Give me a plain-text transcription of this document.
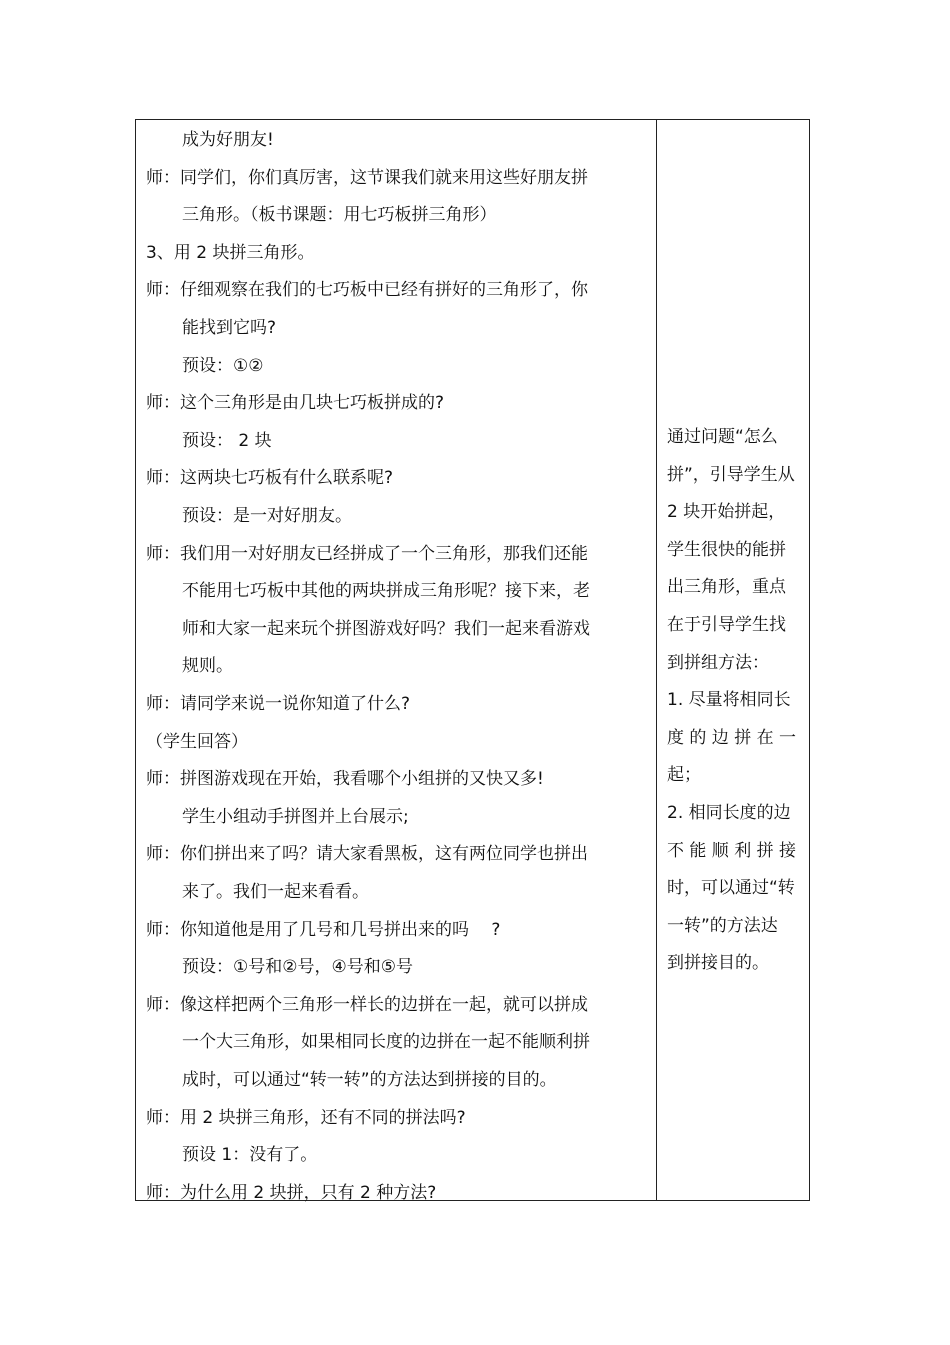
成为好朋友!
师：同学们，你们真厉害，这节课我们就来用这些好朋友拼
三角形。（板书课题：用七巧板拼三角形）
3、用 2 块拼三角形。
师：仔细观察在我们的七巧板中已经有拼好的三角形了，你
能找到它吗?
预设：①②
师：这个三角形是由几块七巧板拼成的?
预设： 2 块
师：这两块七巧板有什么联系呢?
预设：是一对好朋友。
师：我们用一对好朋友已经拼成了一个三角形，那我们还能
不能用七巧板中其他的两块拼成三角形呢？接下来，老
师和大家一起来玩个拼图游戏好吗？我们一起来看游戏
规则。
师：请同学来说一说你知道了什么?
（学生回答）
师：拼图游戏现在开始，我看哪个小组拼的又快又多!
学生小组动手拼图并上台展示;
师：你们拼出来了吗？请大家看黑板，这有两位同学也拼出
来了。我们一起来看看。
师：你知道他是用了几号和几号拼出来的吗　 ?
预设：①号和②号，④号和⑤号
师：像这样把两个三角形一样长的边拼在一起，就可以拼成
一个大三角形，如果相同长度的边拼在一起不能顺利拼
成时，可以通过“转一转”的方法达到拼接的目的。
师：用 2 块拼三角形，还有不同的拼法吗?
预设 1：没有了。
师：为什么用 2 块拼，只有 2 种方法?
通过问题“怎么
拼”，引导学生从
2 块开始拼起，
学生很快的能拼
出三角形，重点
在于引导学生找
到拼组方法：
1. 尽量将相同长
度 的 边 拼 在 一
起；
2. 相同长度的边
不 能 顺 利 拼 接
时，可以通过“转
一转”的方法达
到拼接目的。
